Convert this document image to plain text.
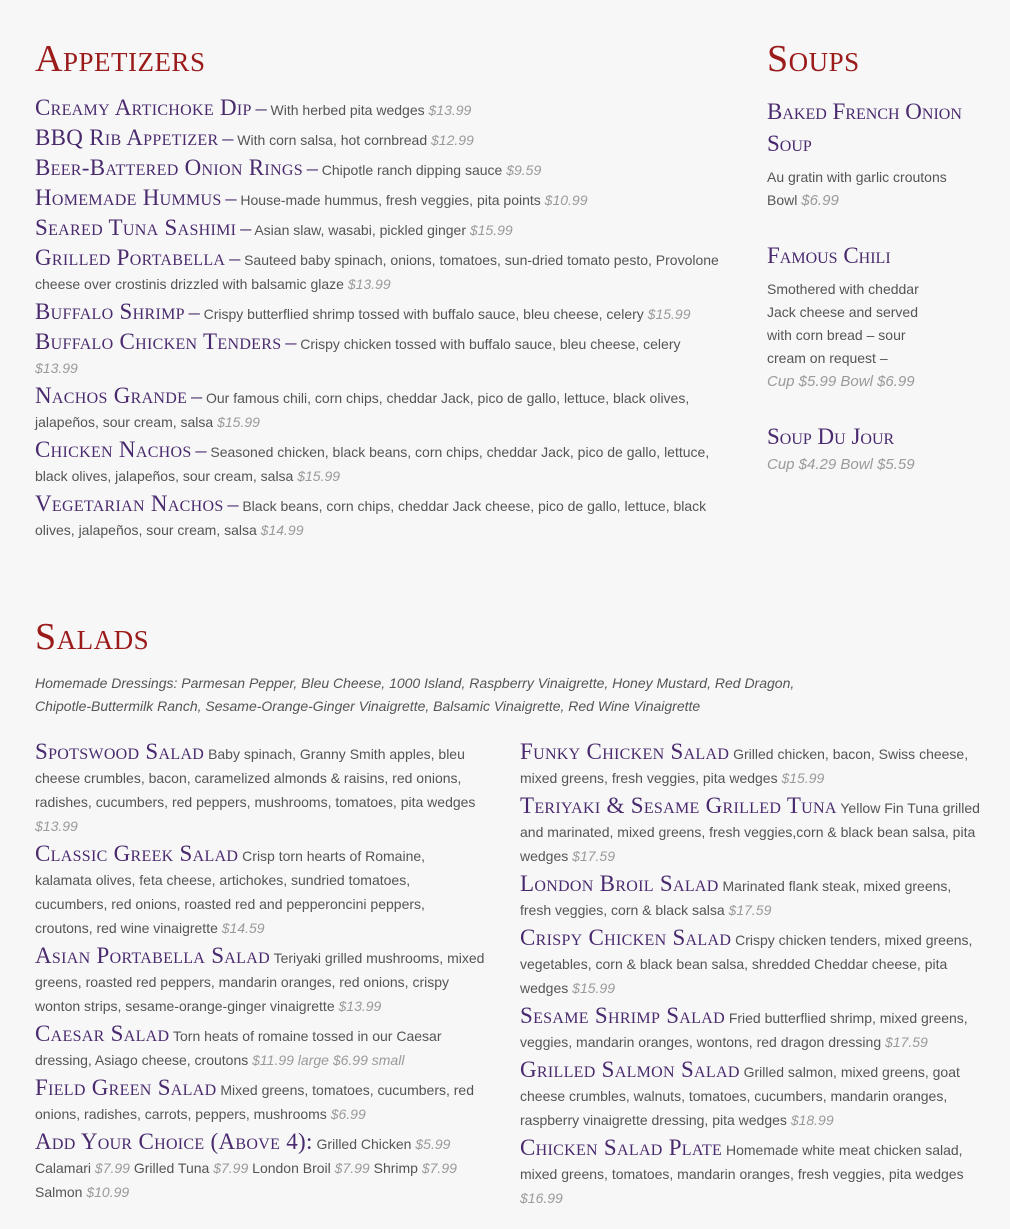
Appetizers

Creamy Artichoke Dip – With herbed pita wedges $13.99

BBQ Rib Appetizer – With corn salsa, hot cornbread $12.99

Beer-Battered Onion Rings – Chipotle ranch dipping sauce $9.59

Homemade Hummus – House-made hummus, fresh veggies, pita points $10.99

Seared Tuna Sashimi – Asian slaw, wasabi, pickled ginger $15.99

Grilled Portabella – Sauteed baby spinach, onions, tomatoes, sun-dried tomato pesto, Provolone cheese over crostinis drizzled with balsamic glaze $13.99

Buffalo Shrimp – Crispy butterflied shrimp tossed with buffalo sauce, bleu cheese, celery $15.99

Buffalo Chicken Tenders – Crispy chicken tossed with buffalo sauce, bleu cheese, celery $13.99

Nachos Grande – Our famous chili, corn chips, cheddar Jack, pico de gallo, lettuce, black olives, jalapeños, sour cream, salsa $15.99

Chicken Nachos – Seasoned chicken, black beans, corn chips, cheddar Jack, pico de gallo, lettuce, black olives, jalapeños, sour cream, salsa $15.99

Vegetarian Nachos – Black beans, corn chips, cheddar Jack cheese, pico de gallo, lettuce, black olives, jalapeños, sour cream, salsa $14.99

Soups
Baked French Onion Soup
Au gratin with garlic croutons
Bowl $6.99
Famous Chili
Smothered with cheddar Jack cheese and served with corn bread – sour cream on request –
Cup $5.99 Bowl $6.99
Soup Du Jour
Cup $4.29 Bowl $5.59
Salads
Homemade Dressings: Parmesan Pepper, Bleu Cheese, 1000 Island, Raspberry Vinaigrette, Honey Mustard, Red Dragon, Chipotle-Buttermilk Ranch, Sesame-Orange-Ginger Vinaigrette, Balsamic Vinaigrette, Red Wine Vinaigrette

Spotswood Salad Baby spinach, Granny Smith apples, bleu cheese crumbles, bacon, caramelized almonds & raisins, red onions, radishes, cucumbers, red peppers, mushrooms, tomatoes, pita wedges $13.99

Classic Greek Salad Crisp torn hearts of Romaine, kalamata olives, feta cheese, artichokes, sundried tomatoes, cucumbers, red onions, roasted red and pepperoncini peppers, croutons, red wine vinaigrette $14.59

Asian Portabella Salad Teriyaki grilled mushrooms, mixed greens, roasted red peppers, mandarin oranges, red onions, crispy wonton strips, sesame-orange-ginger vinaigrette $13.99

Caesar Salad Torn heats of romaine tossed in our Caesar dressing, Asiago cheese, croutons $11.99 large $6.99 small

Field Green Salad Mixed greens, tomatoes, cucumbers, red onions, radishes, carrots, peppers, mushrooms $6.99

Add Your Choice (Above 4): Grilled Chicken $5.99 Calamari $7.99 Grilled Tuna $7.99 London Broil $7.99 Shrimp $7.99 Salmon $10.99

Funky Chicken Salad Grilled chicken, bacon, Swiss cheese, mixed greens, fresh veggies, pita wedges $15.99

Teriyaki & Sesame Grilled Tuna Yellow Fin Tuna grilled and marinated, mixed greens, fresh veggies,corn & black bean salsa, pita wedges $17.59

London Broil Salad Marinated flank steak, mixed greens, fresh veggies, corn & black salsa $17.59

Crispy Chicken Salad Crispy chicken tenders, mixed greens, vegetables, corn & black bean salsa, shredded Cheddar cheese, pita wedges $15.99

Sesame Shrimp Salad Fried butterflied shrimp, mixed greens, veggies, mandarin oranges, wontons, red dragon dressing $17.59

Grilled Salmon Salad Grilled salmon, mixed greens, goat cheese crumbles, walnuts, tomatoes, cucumbers, mandarin oranges, raspberry vinaigrette dressing, pita wedges $18.99

Chicken Salad Plate Homemade white meat chicken salad, mixed greens, tomatoes, mandarin oranges, fresh veggies, pita wedges $16.99
